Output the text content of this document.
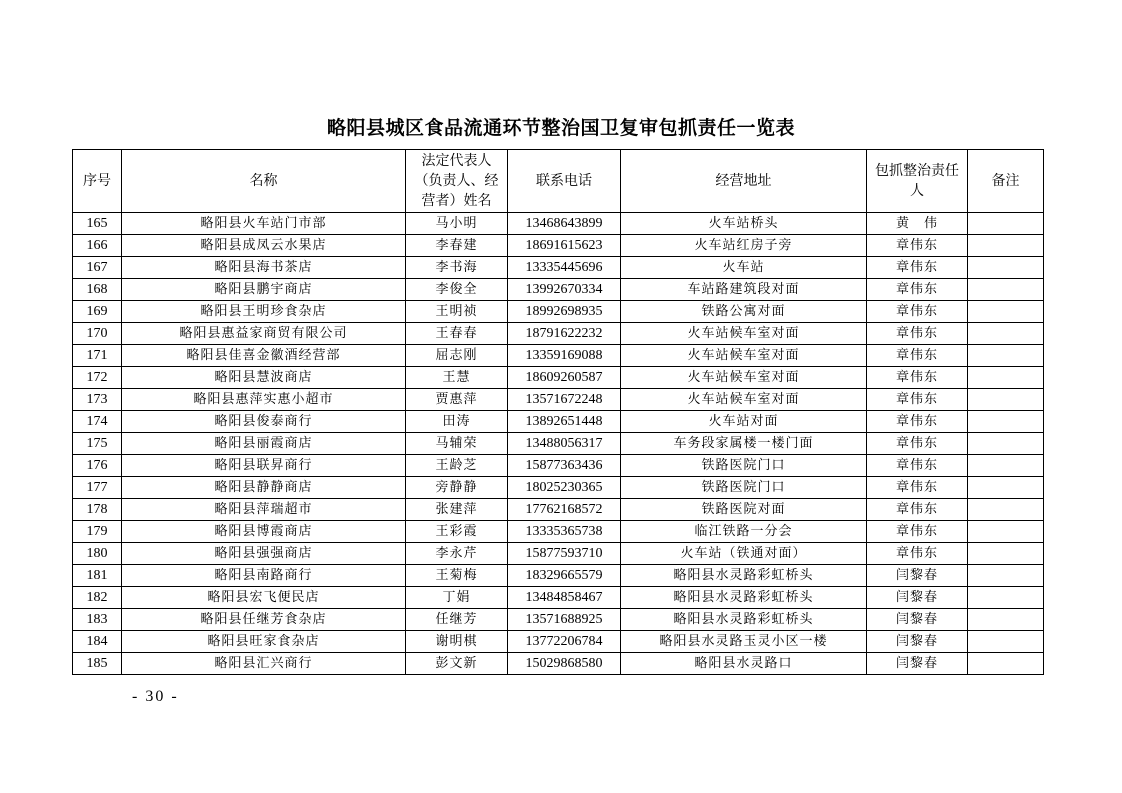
略阳县城区食品流通环节整治国卫复审包抓责任一览表
序号	名称	法定代表人（负责人、经营者）姓名	联系电话	经营地址	包抓整治责任人	备注
165	略阳县火车站门市部	马小明	13468643899	火车站桥头	黄　伟	
166	略阳县成凤云水果店	李春建	18691615623	火车站红房子旁	章伟东	
167	略阳县海书茶店	李书海	13335445696	火车站	章伟东	
168	略阳县鹏宇商店	李俊全	13992670334	车站路建筑段对面	章伟东	
169	略阳县王明珍食杂店	王明祯	18992698935	铁路公寓对面	章伟东	
170	略阳县惠益家商贸有限公司	王春春	18791622232	火车站候车室对面	章伟东	
171	略阳县佳喜金徽酒经营部	屈志刚	13359169088	火车站候车室对面	章伟东	
172	略阳县慧波商店	王慧	18609260587	火车站候车室对面	章伟东	
173	略阳县惠萍实惠小超市	贾惠萍	13571672248	火车站候车室对面	章伟东	
174	略阳县俊泰商行	田涛	13892651448	火车站对面	章伟东	
175	略阳县丽霞商店	马辅荣	13488056317	车务段家属楼一楼门面	章伟东	
176	略阳县联昇商行	王龄芝	15877363436	铁路医院门口	章伟东	
177	略阳县静静商店	旁静静	18025230365	铁路医院门口	章伟东	
178	略阳县萍瑞超市	张建萍	17762168572	铁路医院对面	章伟东	
179	略阳县博霞商店	王彩霞	13335365738	临江铁路一分会	章伟东	
180	略阳县强强商店	李永芹	15877593710	火车站（铁通对面）	章伟东	
181	略阳县南路商行	王菊梅	18329665579	略阳县水灵路彩虹桥头	闫黎春	
182	略阳县宏飞便民店	丁娟	13484858467	略阳县水灵路彩虹桥头	闫黎春	
183	略阳县任继芳食杂店	任继芳	13571688925	略阳县水灵路彩虹桥头	闫黎春	
184	略阳县旺家食杂店	谢明棋	13772206784	略阳县水灵路玉灵小区一楼	闫黎春	
185	略阳县汇兴商行	彭文新	15029868580	略阳县水灵路口	闫黎春	
- 30 -
